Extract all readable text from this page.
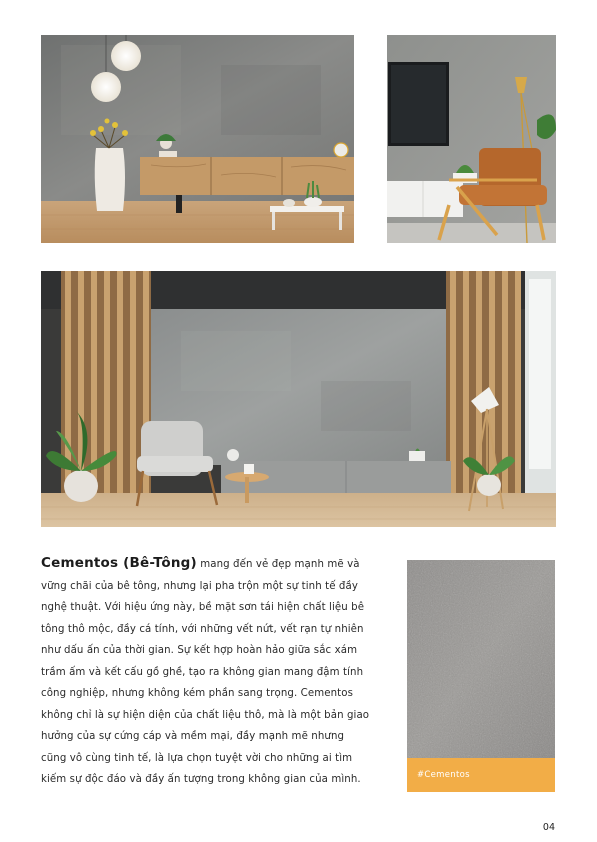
Cementos (Bê-Tông) mang đến vẻ đẹp mạnh mẽ và vững chãi của bê tông, nhưng lại pha trộn một sự tinh tế đầy nghệ thuật. Với hiệu ứng này, bề mặt sơn tái hiện chất liệu bê tông thô mộc, đầy cá tính, với những vết nứt, vết rạn tự nhiên như dấu ấn của thời gian. Sự kết hợp hoàn hảo giữa sắc xám trầm ấm và kết cấu gồ ghề, tạo ra không gian mang đậm tính công nghiệp, nhưng không kém phần sang trọng. Cementos không chỉ là sự hiện diện của chất liệu thô, mà là một bản giao hưởng của sự cứng cáp và mềm mại, đầy mạnh mẽ nhưng cũng vô cùng tinh tế, là lựa chọn tuyệt vời cho những ai tìm kiếm sự độc đáo và đầy ấn tượng trong không gian của mình.	#Cementos
04
